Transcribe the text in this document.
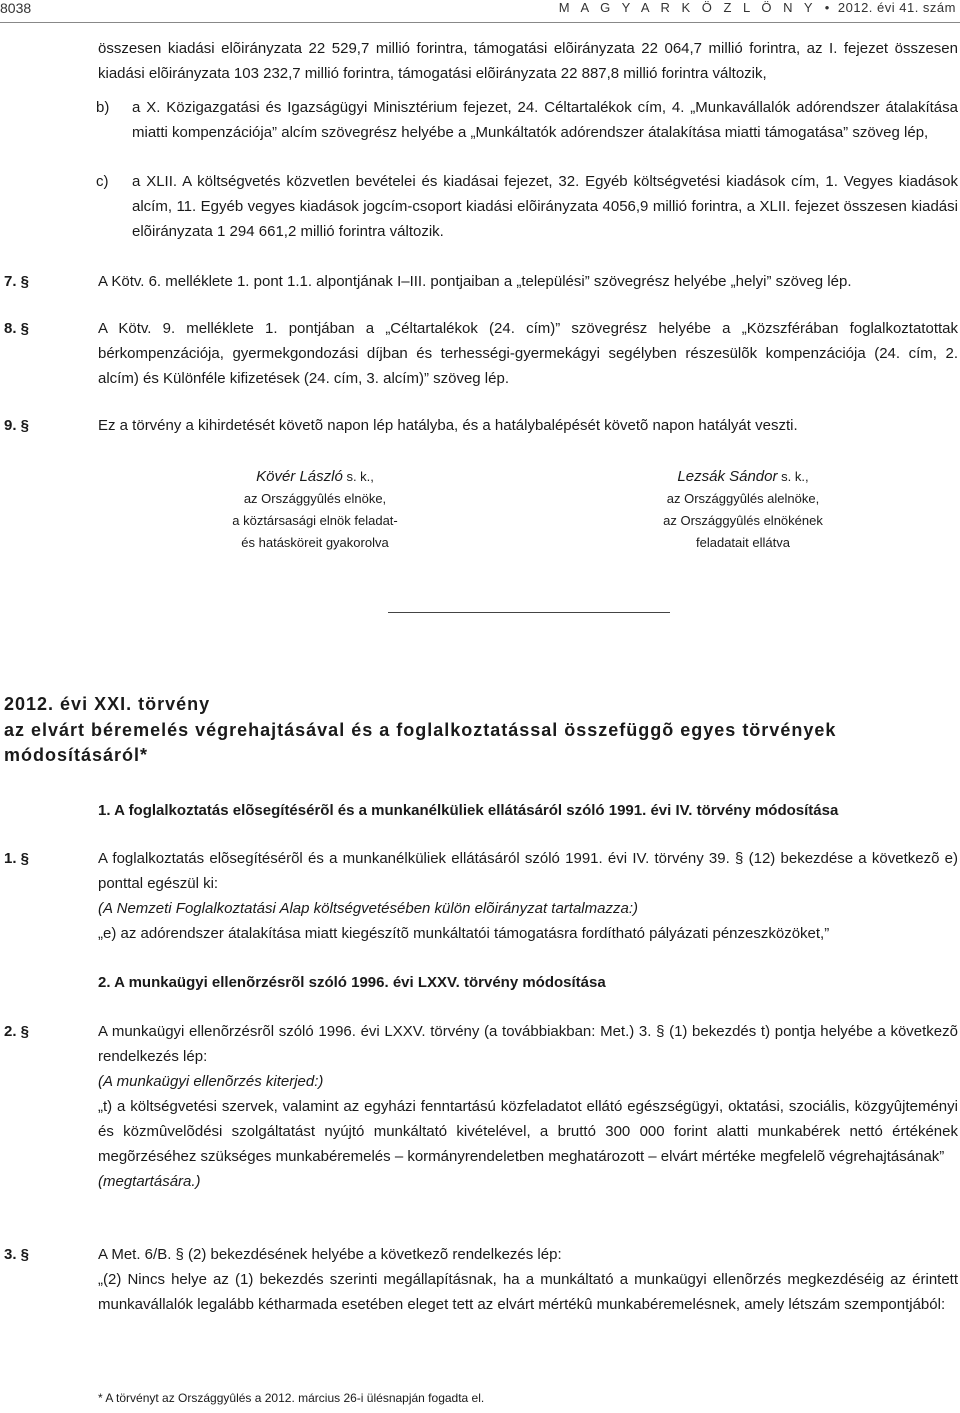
8038	M A G Y A R K Ö Z L Ö N Y • 2012. évi 41. szám
összesen kiadási elõirányzata 22 529,7 millió forintra, támogatási elõirányzata 22 064,7 millió forintra, az I. fejezet összesen kiadási elõirányzata 103 232,7 millió forintra, támogatási elõirányzata 22 887,8 millió forintra változik,
b) a X. Közigazgatási és Igazságügyi Minisztérium fejezet, 24. Céltartalékok cím, 4. „Munkavállalók adórendszer átalakítása miatti kompenzációja” alcím szövegrész helyébe a „Munkáltatók adórendszer átalakítása miatti támogatása” szöveg lép,
c) a XLII. A költségvetés közvetlen bevételei és kiadásai fejezet, 32. Egyéb költségvetési kiadások cím, 1. Vegyes kiadások alcím, 11. Egyéb vegyes kiadások jogcím-csoport kiadási elõirányzata 4056,9 millió forintra, a XLII. fejezet összesen kiadási elõirányzata 1 294 661,2 millió forintra változik.
7. §	A Kötv. 6. melléklete 1. pont 1.1. alpontjának I–III. pontjaiban a „települési” szövegrész helyébe „helyi” szöveg lép.
8. §	A Kötv. 9. melléklete 1. pontjában a „Céltartalékok (24. cím)” szövegrész helyébe a „Közszférában foglalkoztatottak bérkompenzációja, gyermekgondozási díjban és terhességi-gyermekágyi segélyben részesülõk kompenzációja (24. cím, 2. alcím) és Különféle kifizetések (24. cím, 3. alcím)” szöveg lép.
9. §	Ez a törvény a kihirdetését követõ napon lép hatályba, és a hatálybalépését követõ napon hatályát veszti.
Kövér László s. k.,
az Országgyûlés elnöke,
a köztársasági elnök feladat-
és hatásköreit gyakorolva
Lezsák Sándor s. k.,
az Országgyûlés alelnöke,
az Országgyûlés elnökének
feladatait ellátva
2012. évi XXI. törvény
az elvárt béremelés végrehajtásával és a foglalkoztatással összefüggõ egyes törvények módosításáról*
1. A foglalkoztatás elõsegítésérõl és a munkanélküliek ellátásáról szóló 1991. évi IV. törvény módosítása
1. §	A foglalkoztatás elõsegítésérõl és a munkanélküliek ellátásáról szóló 1991. évi IV. törvény 39. § (12) bekezdése a következõ e) ponttal egészül ki:

(A Nemzeti Foglalkoztatási Alap költségvetésében külön elõirányzat tartalmazza:)

„e) az adórendszer átalakítása miatt kiegészítõ munkáltatói támogatásra fordítható pályázati pénzeszközöket,”

2. A munkaügyi ellenõrzésrõl szóló 1996. évi LXXV. törvény módosítása
2. §	A munkaügyi ellenõrzésrõl szóló 1996. évi LXXV. törvény (a továbbiakban: Met.) 3. § (1) bekezdés t) pontja helyébe a következõ rendelkezés lép:

(A munkaügyi ellenõrzés kiterjed:)

„t) a költségvetési szervek, valamint az egyházi fenntartású közfeladatot ellátó egészségügyi, oktatási, szociális, közgyûjteményi és közmûvelõdési szolgáltatást nyújtó munkáltató kivételével, a bruttó 300 000 forint alatti munkabérek nettó értékének megõrzéséhez szükséges munkabéremelés – kormányrendeletben meghatározott – elvárt mértéke megfelelõ végrehajtásának”

(megtartására.)

3. §	A Met. 6/B. § (2) bekezdésének helyébe a következõ rendelkezés lép:

„(2) Nincs helye az (1) bekezdés szerinti megállapításnak, ha a munkáltató a munkaügyi ellenõrzés megkezdéséig az érintett munkavállalók legalább kétharmada esetében eleget tett az elvárt mértékû munkabéremelésnek, amely létszám szempontjából:

* A törvényt az Országgyûlés a 2012. március 26-i ülésnapján fogadta el.
